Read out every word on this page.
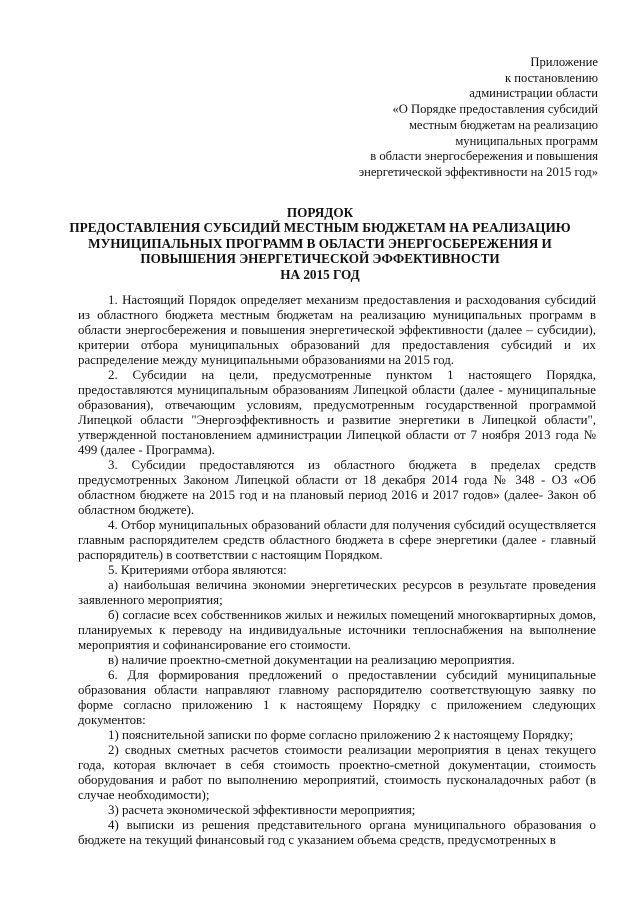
Приложение
к постановлению
администрации области
«О Порядке предоставления субсидий
местным бюджетам на реализацию
муниципальных программ
в области энергосбережения и повышения
энергетической эффективности на 2015 год»
ПОРЯДОК
ПРЕДОСТАВЛЕНИЯ СУБСИДИЙ МЕСТНЫМ БЮДЖЕТАМ НА РЕАЛИЗАЦИЮ
МУНИЦИПАЛЬНЫХ ПРОГРАММ В ОБЛАСТИ ЭНЕРГОСБЕРЕЖЕНИЯ И
ПОВЫШЕНИЯ ЭНЕРГЕТИЧЕСКОЙ ЭФФЕКТИВНОСТИ
НА 2015 ГОД

1. Настоящий Порядок определяет механизм предоставления и расходования субсидий из областного бюджета местным бюджетам на реализацию муниципальных программ в области энергосбережения и повышения энергетической эффективности (далее – субсидии), критерии отбора муниципальных образований для предоставления субсидий и их распределение между муниципальными образованиями на 2015 год.

2. Субсидии на цели, предусмотренные пунктом 1 настоящего Порядка, предоставляются муниципальным образованиям Липецкой области (далее - муниципальные образования), отвечающим условиям, предусмотренным государственной программой Липецкой области "Энергоэффективность и развитие энергетики в Липецкой области", утвержденной постановлением администрации Липецкой области от 7 ноября 2013 года № 499 (далее - Программа).

3. Субсидии предоставляются из областного бюджета в пределах средств предусмотренных Законом Липецкой области от 18 декабря 2014 года № 348 - ОЗ «Об областном бюджете на 2015 год и на плановый период 2016 и 2017 годов» (далее- Закон об областном бюджете).

4. Отбор муниципальных образований области для получения субсидий осуществляется главным распорядителем средств областного бюджета в сфере энергетики (далее - главный распорядитель) в соответствии с настоящим Порядком.

5. Критериями отбора являются:

а) наибольшая величина экономии энергетических ресурсов в результате проведения заявленного мероприятия;

б) согласие всех собственников жилых и нежилых помещений многоквартирных домов, планируемых к переводу на индивидуальные источники теплоснабжения на выполнение мероприятия и софинансирование его стоимости.

в) наличие проектно-сметной документации на реализацию мероприятия.

6. Для формирования предложений о предоставлении субсидий муниципальные образования области направляют главному распорядителю соответствующую заявку по форме согласно приложению 1 к настоящему Порядку с приложением следующих документов:

1) пояснительной записки по форме согласно приложению 2 к настоящему Порядку;

2) сводных сметных расчетов стоимости реализации мероприятия в ценах текущего года, которая включает в себя стоимость проектно-сметной документации, стоимость оборудования и работ по выполнению мероприятий, стоимость пусконаладочных работ (в случае необходимости);

3) расчета экономической эффективности мероприятия;

4) выписки из решения представительного органа муниципального образования о бюджете на текущий финансовый год с указанием объема средств, предусмотренных в
